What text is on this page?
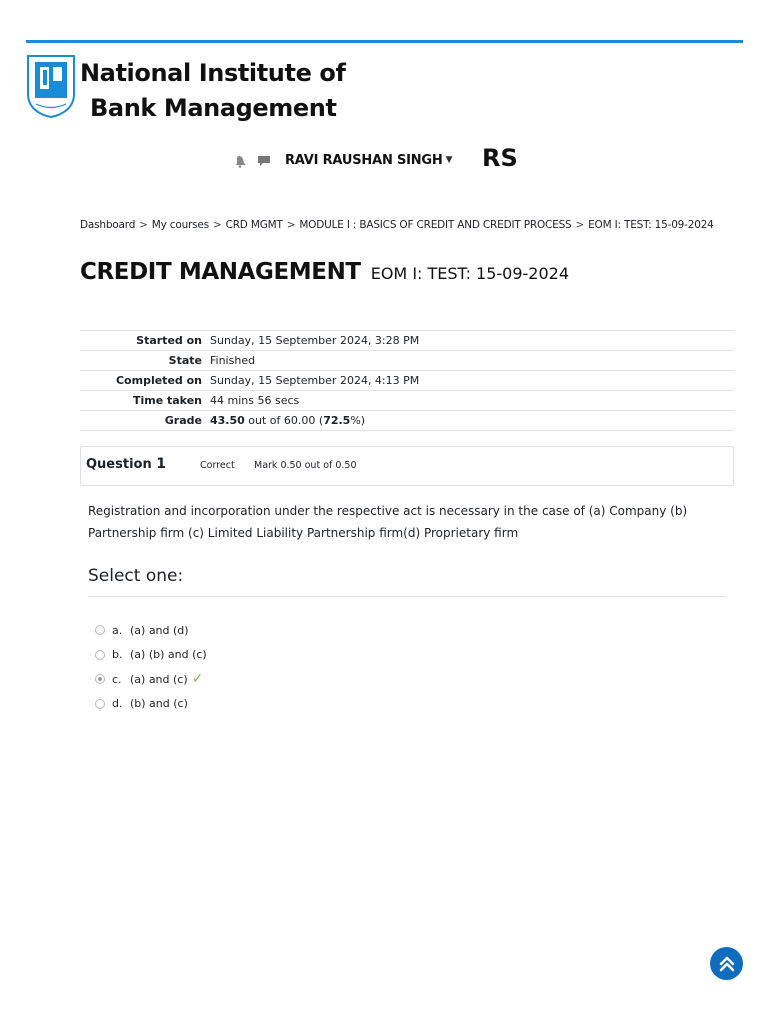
National Institute of
Bank Management
RAVI RAUSHAN SINGH ▼ RS
Dashboard > My courses > CRD MGMT > MODULE I : BASICS OF CREDIT AND CREDIT PROCESS > EOM I: TEST: 15-09-2024
CREDIT MANAGEMENT EOM I: TEST: 15-09-2024
Started on	Sunday, 15 September 2024, 3:28 PM
State	Finished
Completed on	Sunday, 15 September 2024, 4:13 PM
Time taken	44 mins 56 secs
Grade	43.50 out of 60.00 (72.5%)
Question 1	Correct Mark 0.50 out of 0.50
Registration and incorporation under the respective act is necessary in the case of (a) Company (b) Partnership firm (c) Limited Liability Partnership firm(d) Proprietary firm
Select one:
a. (a) and (d)
b. (a) (b) and (c)
c. (a) and (c) ✓
d. (b) and (c)
